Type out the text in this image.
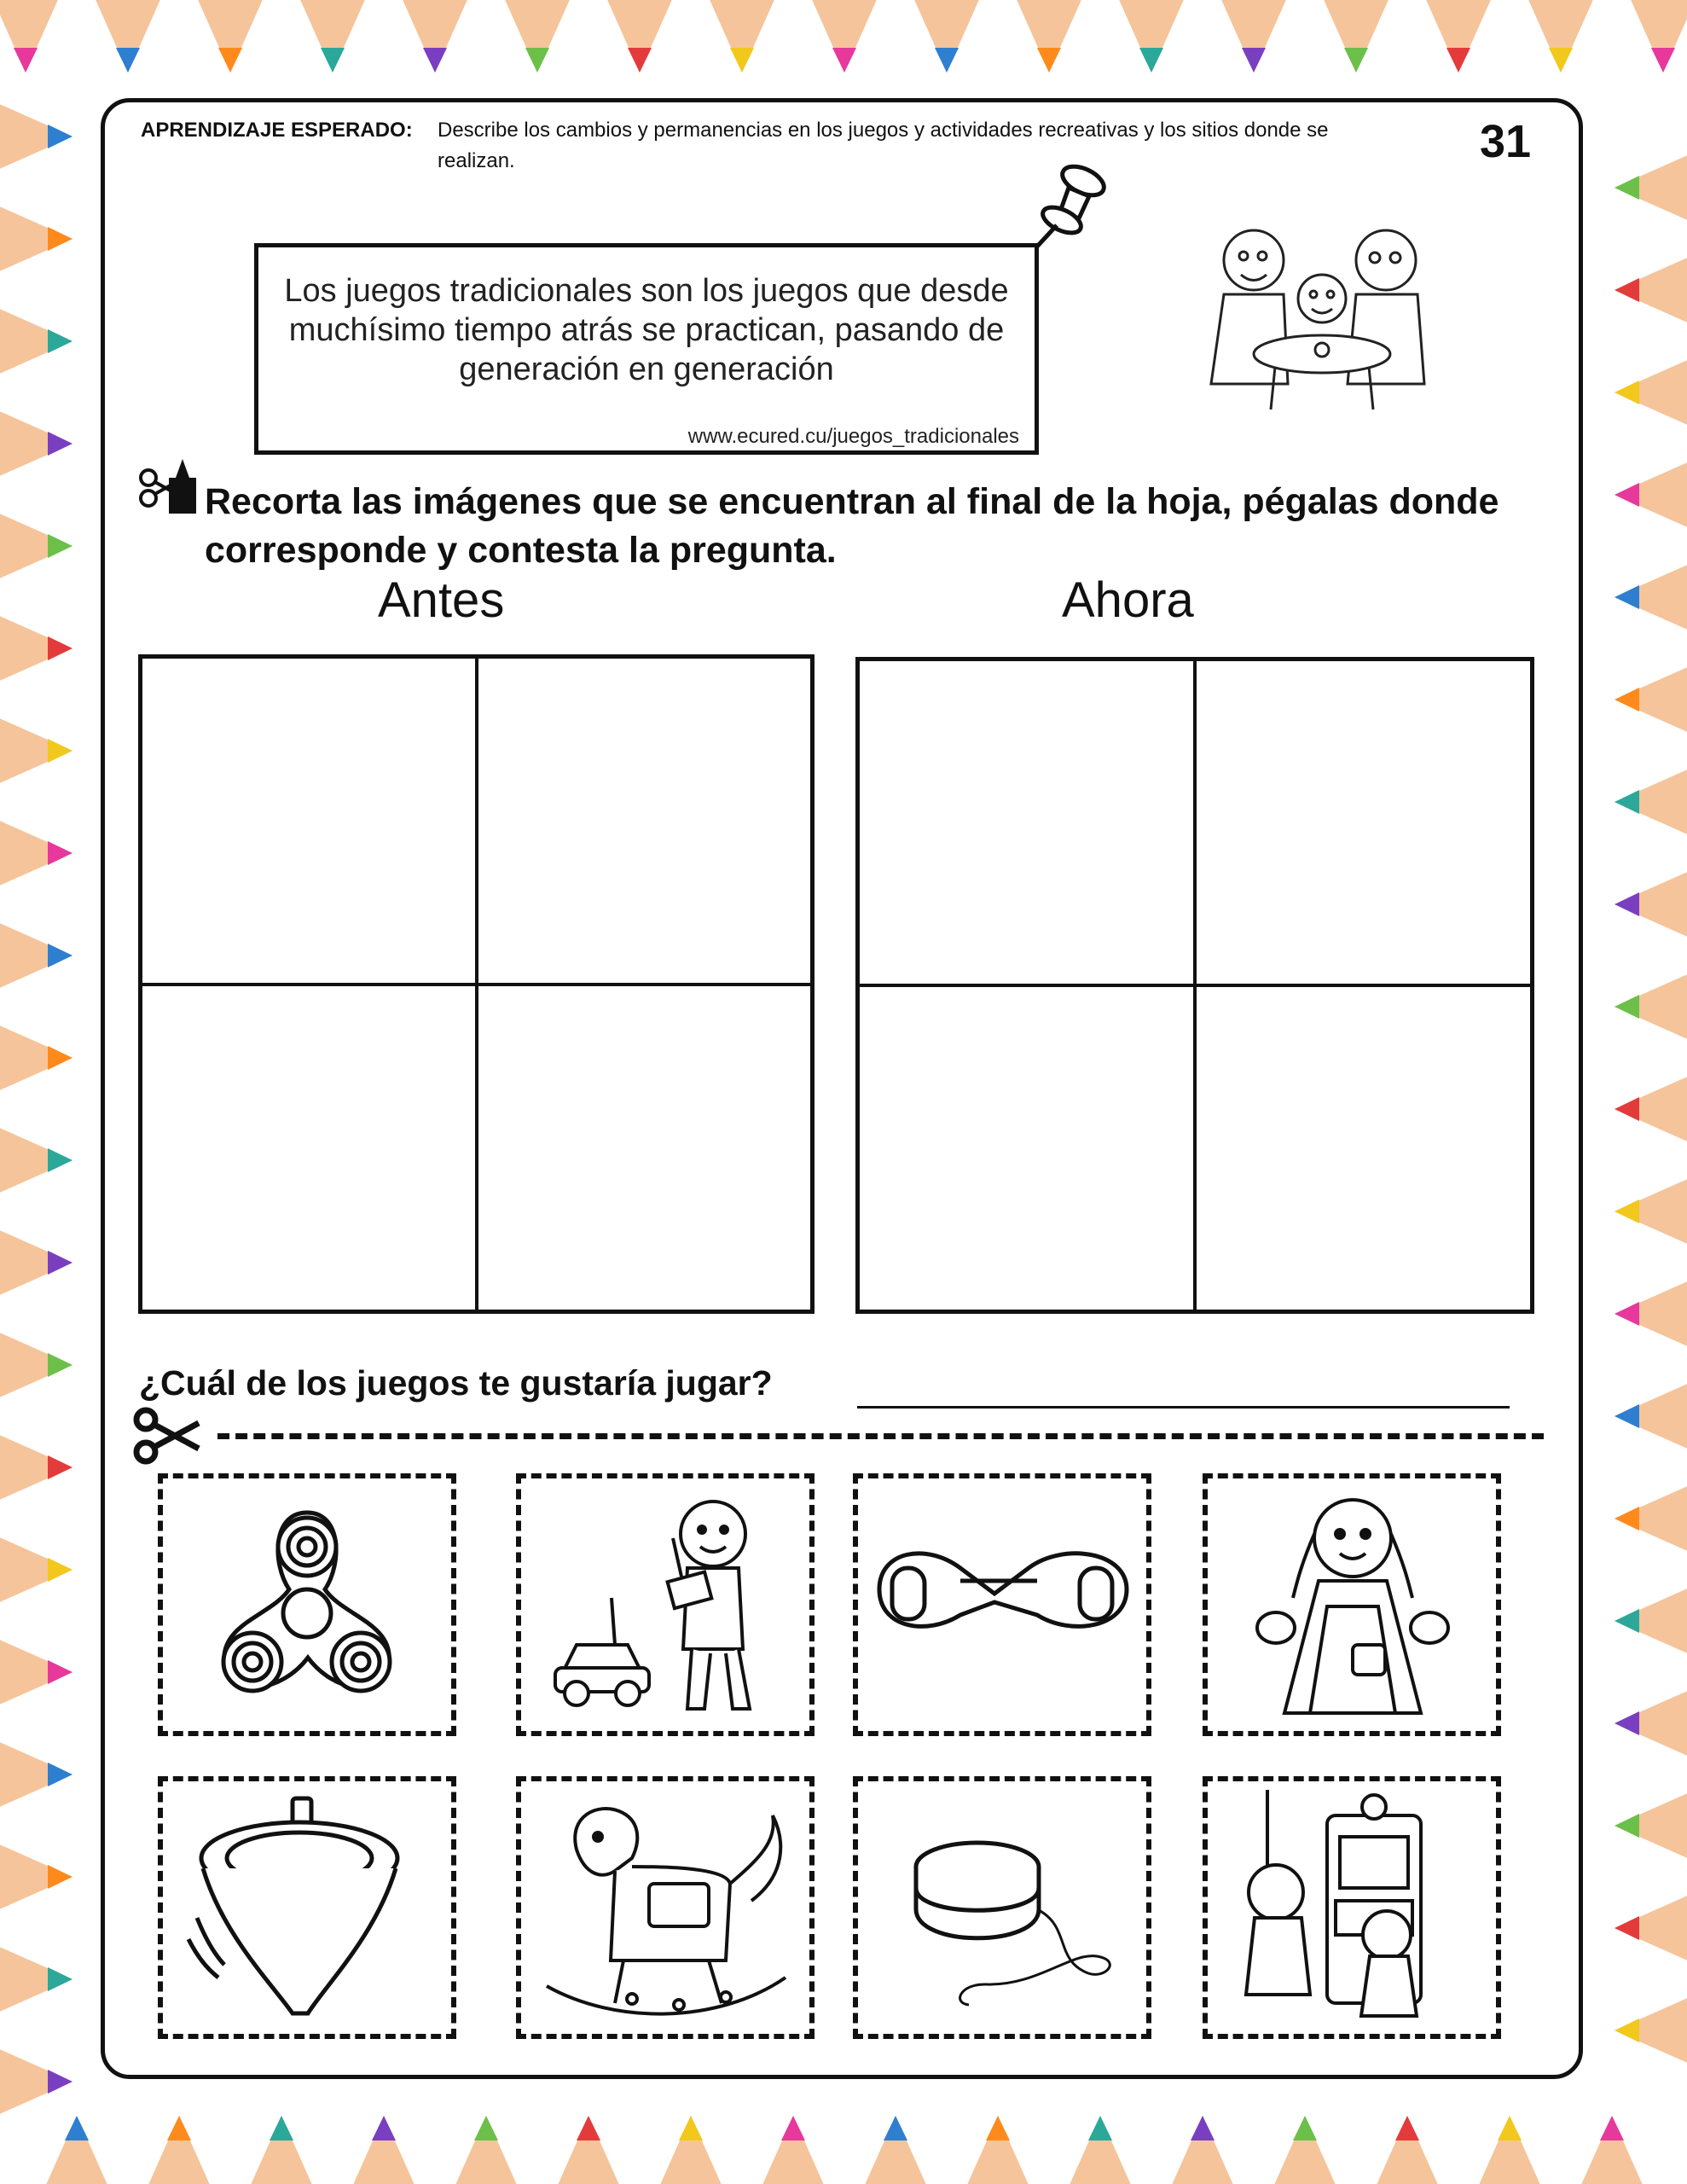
APRENDIZAJE ESPERADO: Describe los cambios y permanencias en los juegos y actividades recreativas y los sitios donde se realizan.	31
Los juegos tradicionales son los juegos que desde muchísimo tiempo atrás se practican, pasando de generación en generación
www.ecured.cu/juegos_tradicionales
Recorta las imágenes que se encuentran al final de la hoja, pégalas donde corresponde y contesta la pregunta.
Antes	Ahora
¿Cuál de los juegos te gustaría jugar?
